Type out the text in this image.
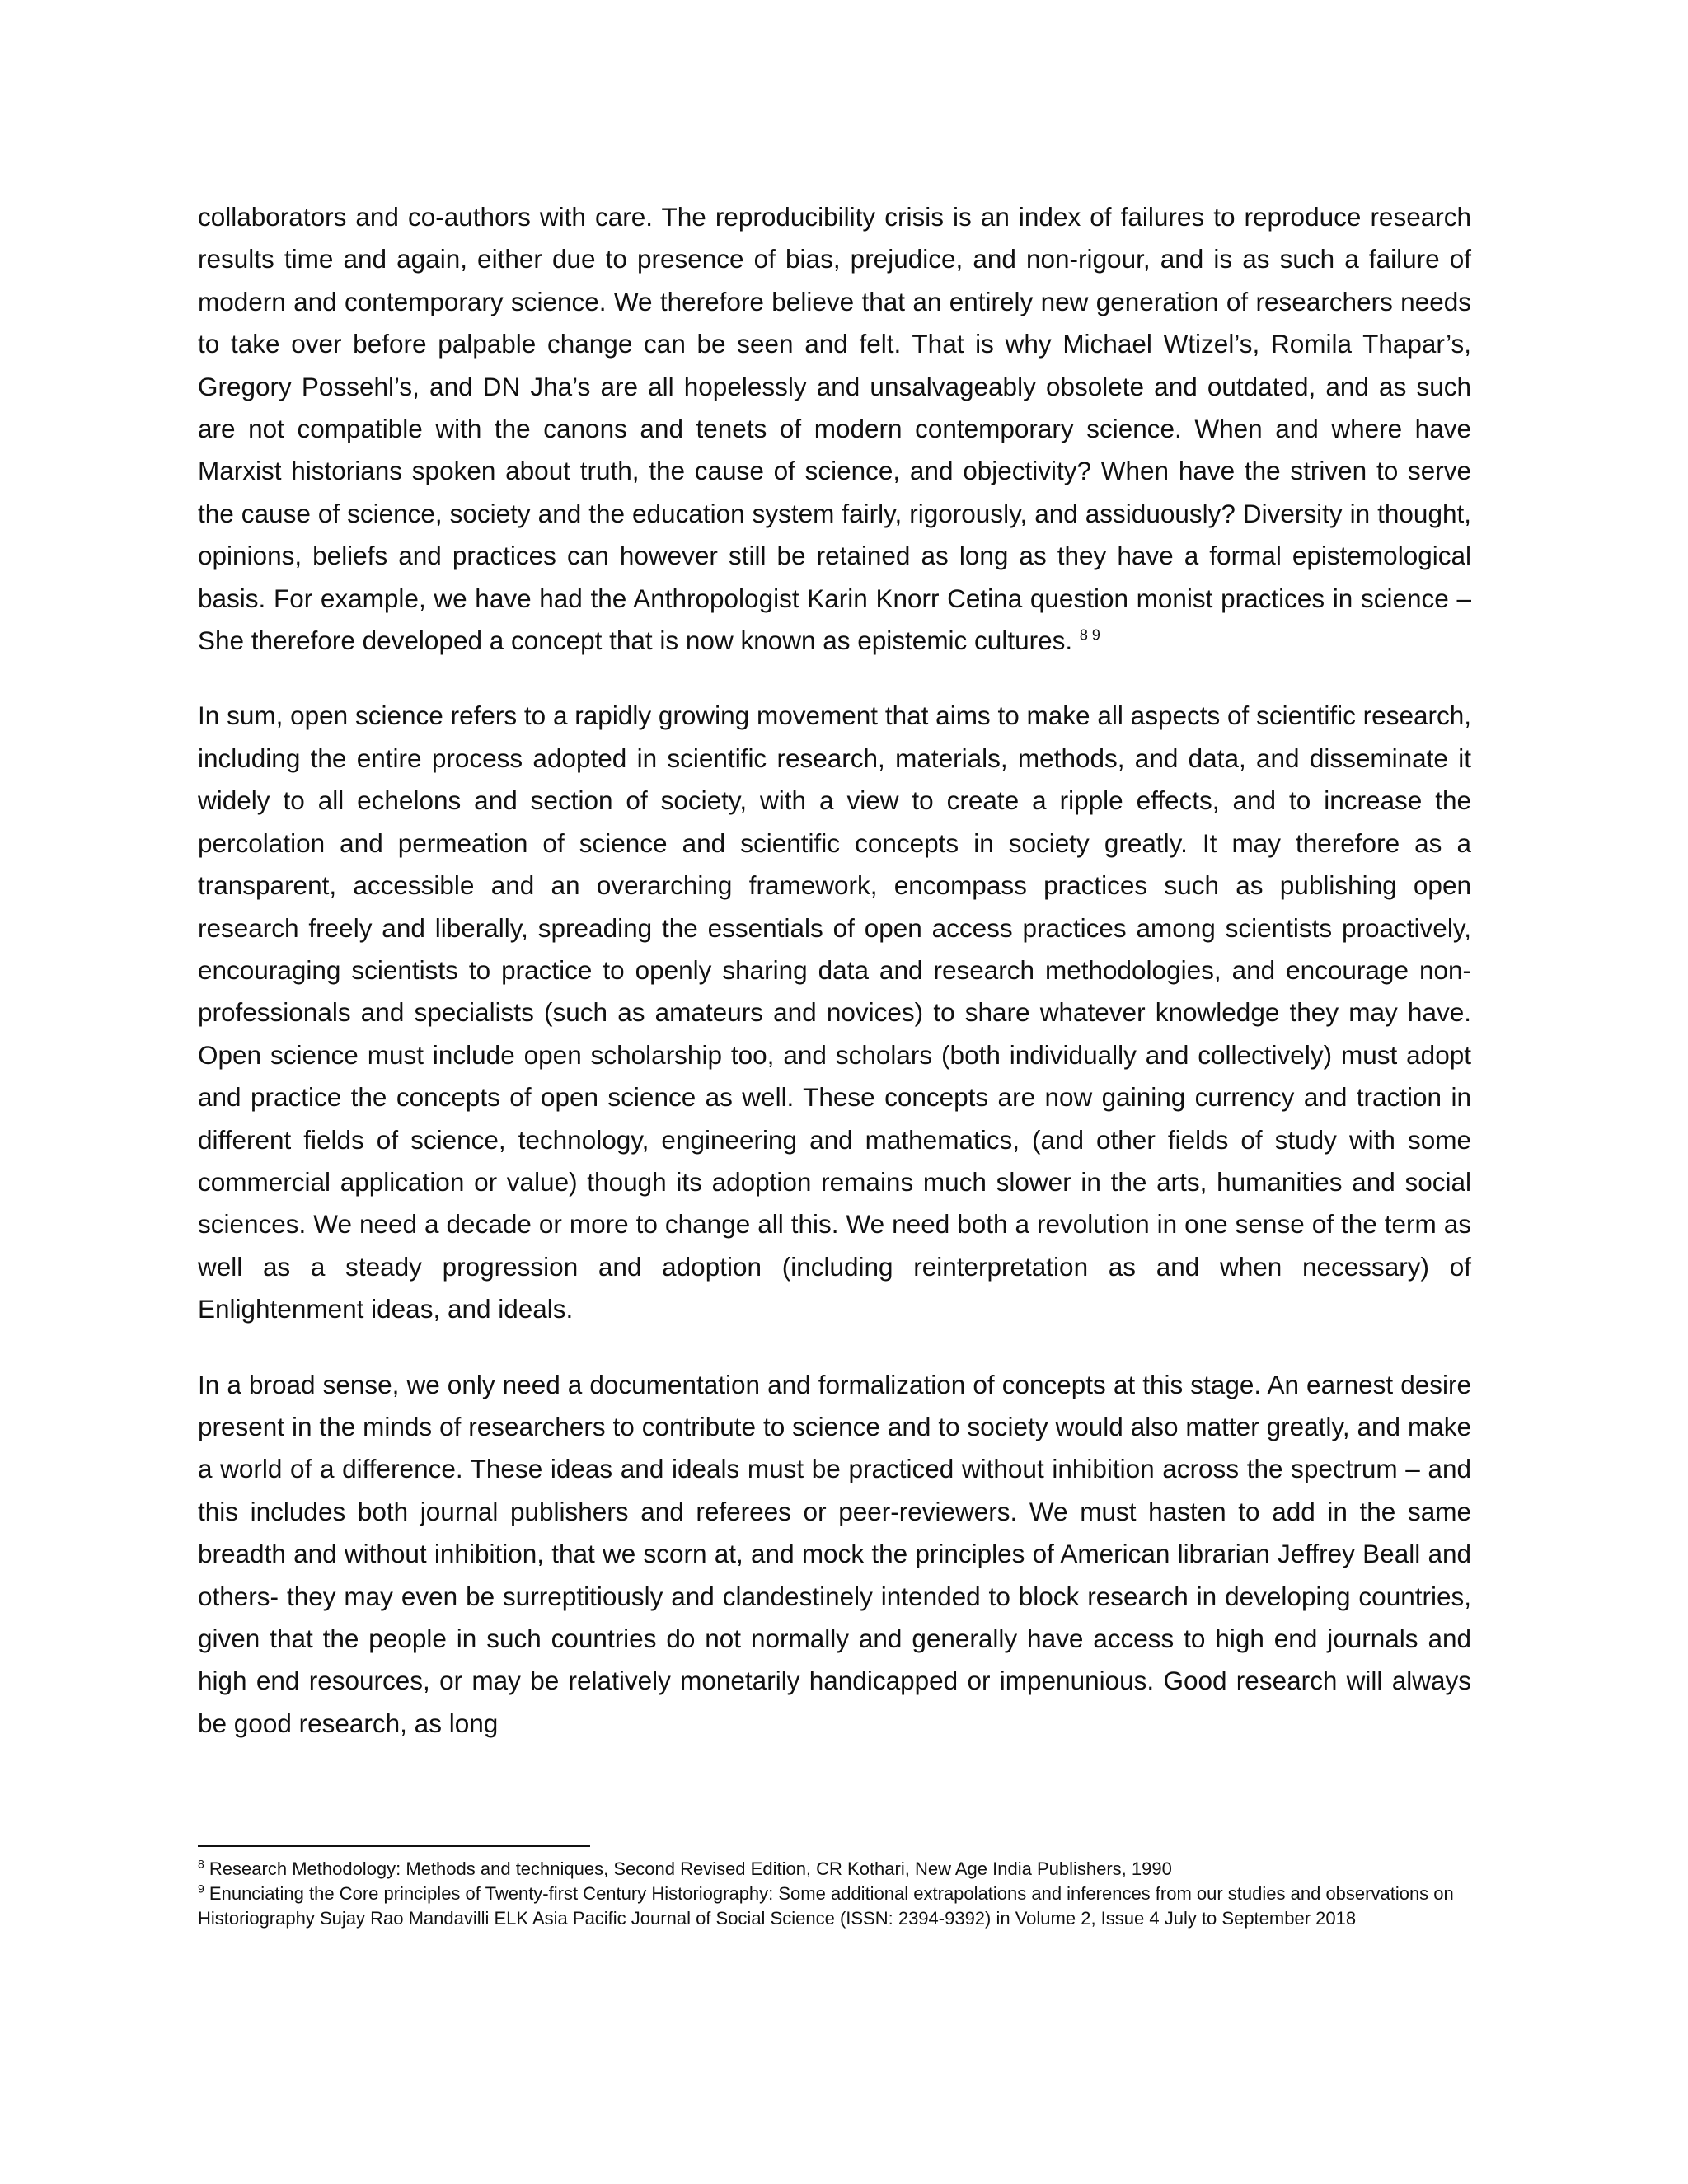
collaborators and co-authors with care. The reproducibility crisis is an index of failures to reproduce research results time and again, either due to presence of bias, prejudice, and non-rigour, and is as such a failure of modern and contemporary science. We therefore believe that an entirely new generation of researchers needs to take over before palpable change can be seen and felt. That is why Michael Wtizel’s, Romila Thapar’s, Gregory Possehl’s, and DN Jha’s are all hopelessly and unsalvageably obsolete and outdated, and as such are not compatible with the canons and tenets of modern contemporary science. When and where have Marxist historians spoken about truth, the cause of science, and objectivity? When have the striven to serve the cause of science, society and the education system fairly, rigorously, and assiduously? Diversity in thought, opinions, beliefs and practices can however still be retained as long as they have a formal epistemological basis. For example, we have had the Anthropologist Karin Knorr Cetina question monist practices in science – She therefore developed a concept that is now known as epistemic cultures. $^{8 9}$

In sum, open science refers to a rapidly growing movement that aims to make all aspects of scientific research, including the entire process adopted in scientific research, materials, methods, and data, and disseminate it widely to all echelons and section of society, with a view to create a ripple effects, and to increase the percolation and permeation of science and scientific concepts in society greatly. It may therefore as a transparent, accessible and an overarching framework, encompass practices such as publishing open research freely and liberally, spreading the essentials of open access practices among scientists proactively, encouraging scientists to practice to openly sharing data and research methodologies, and encourage non-professionals and specialists (such as amateurs and novices) to share whatever knowledge they may have. Open science must include open scholarship too, and scholars (both individually and collectively) must adopt and practice the concepts of open science as well. These concepts are now gaining currency and traction in different fields of science, technology, engineering and mathematics, (and other fields of study with some commercial application or value) though its adoption remains much slower in the arts, humanities and social sciences. We need a decade or more to change all this. We need both a revolution in one sense of the term as well as a steady progression and adoption (including reinterpretation as and when necessary) of Enlightenment ideas, and ideals.

In a broad sense, we only need a documentation and formalization of concepts at this stage. An earnest desire present in the minds of researchers to contribute to science and to society would also matter greatly, and make a world of a difference. These ideas and ideals must be practiced without inhibition across the spectrum – and this includes both journal publishers and referees or peer-reviewers. We must hasten to add in the same breadth and without inhibition, that we scorn at, and mock the principles of American librarian Jeffrey Beall and others- they may even be surreptitiously and clandestinely intended to block research in developing countries, given that the people in such countries do not normally and generally have access to high end journals and high end resources, or may be relatively monetarily handicapped or impenunious. Good research will always be good research, as long

$^8$ Research Methodology: Methods and techniques, Second Revised Edition, CR Kothari, New Age India Publishers, 1990

$^9$ Enunciating the Core principles of Twenty-first Century Historiography: Some additional extrapolations and inferences from our studies and observations on Historiography Sujay Rao Mandavilli ELK Asia Pacific Journal of Social Science (ISSN: 2394-9392) in Volume 2, Issue 4 July to September 2018
